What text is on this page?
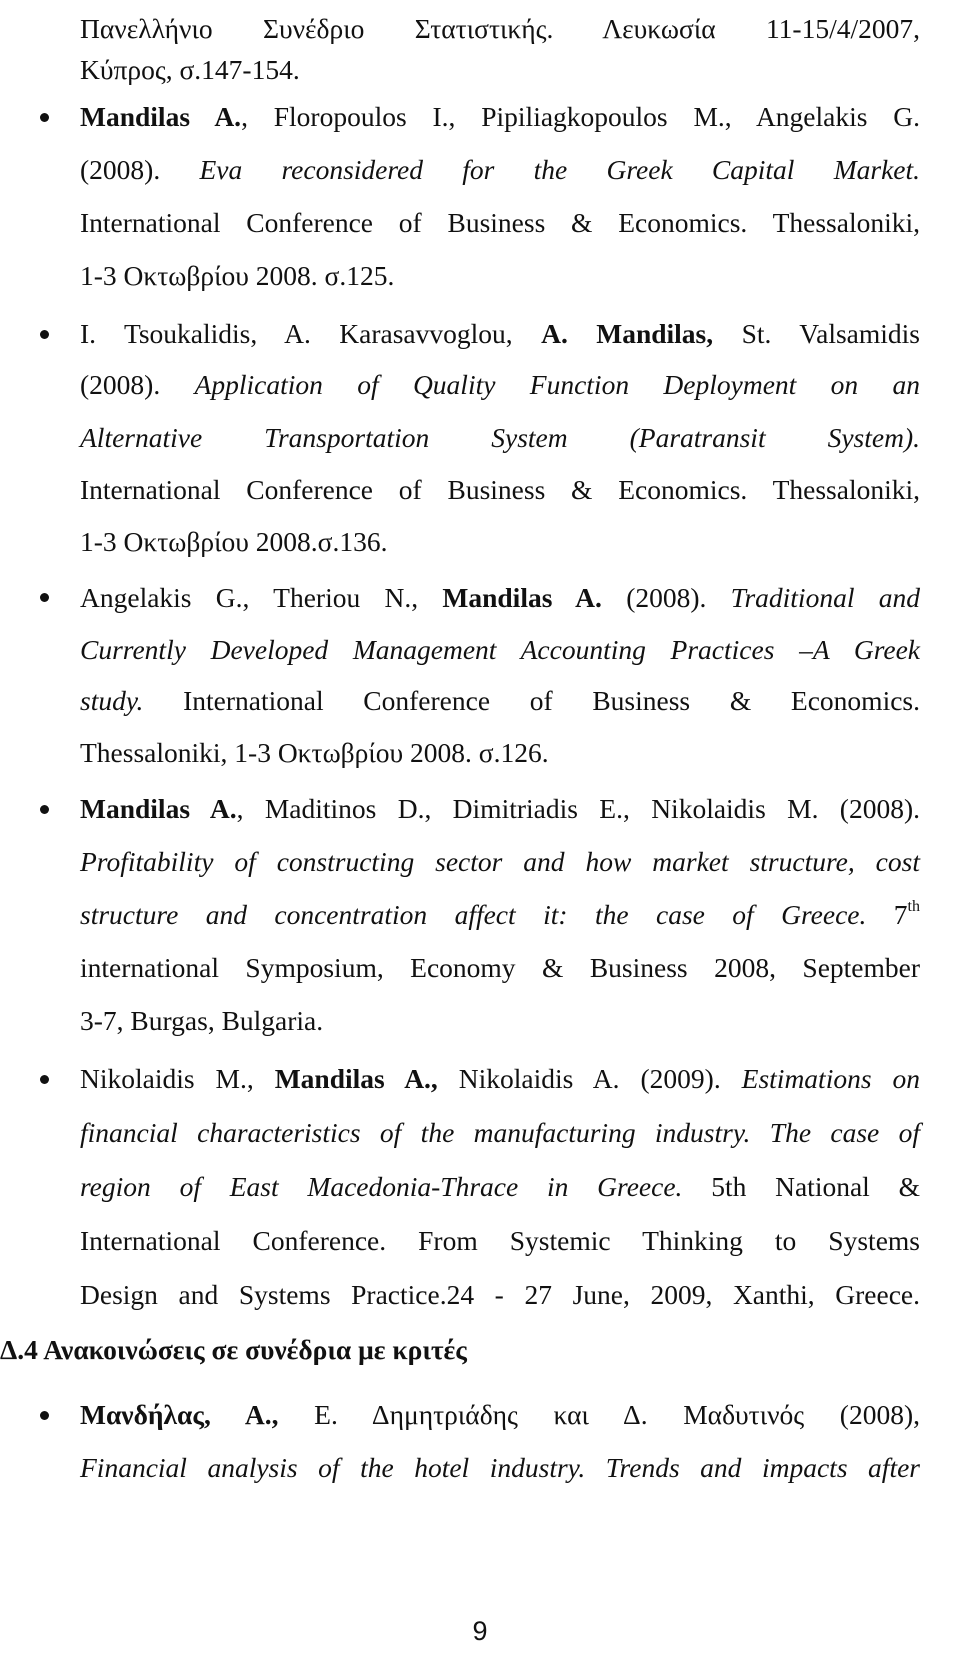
Πανελλήνιο Συνέδριο Στατιστικής. Λευκωσία 11-15/4/2007,
Κύπρος, σ.147-154.
Mandilas A., Floropoulos I., Pipiliagkopoulos M., Angelakis G.
(2008). Eva reconsidered for the Greek Capital Market.
International Conference of Business & Economics. Thessaloniki,
1-3 Οκτωβρίου 2008. σ.125.
I. Tsoukalidis, A. Karasavvoglou, A. Mandilas, St. Valsamidis
(2008). Application of Quality Function Deployment on an
Alternative Transportation System (Paratransit System).
International Conference of Business & Economics. Thessaloniki,
1-3 Οκτωβρίου 2008.σ.136.
Angelakis G., Theriou N., Mandilas A. (2008). Traditional and
Currently Developed Management Accounting Practices –A Greek
study. International Conference of Business & Economics.
Thessaloniki, 1-3 Οκτωβρίου 2008. σ.126.
Mandilas A., Maditinos D., Dimitriadis E., Nikolaidis M. (2008).
Profitability of constructing sector and how market structure, cost
structure and concentration affect it: the case of Greece. 7th
international Symposium, Economy & Business 2008, September
3-7, Burgas, Bulgaria.
Nikolaidis M., Mandilas A., Nikolaidis A. (2009). Estimations on
financial characteristics of the manufacturing industry. The case of
region of East Macedonia-Thrace in Greece. 5th National &
International Conference. From Systemic Thinking to Systems
Design and Systems Practice.24 - 27 June, 2009, Xanthi, Greece.
Δ.4 Ανακοινώσεις σε συνέδρια με κριτές
Μανδήλας, Α., Ε. Δημητριάδης και Δ. Μαδυτινός (2008),
Financial analysis of the hotel industry. Trends and impacts after
9
